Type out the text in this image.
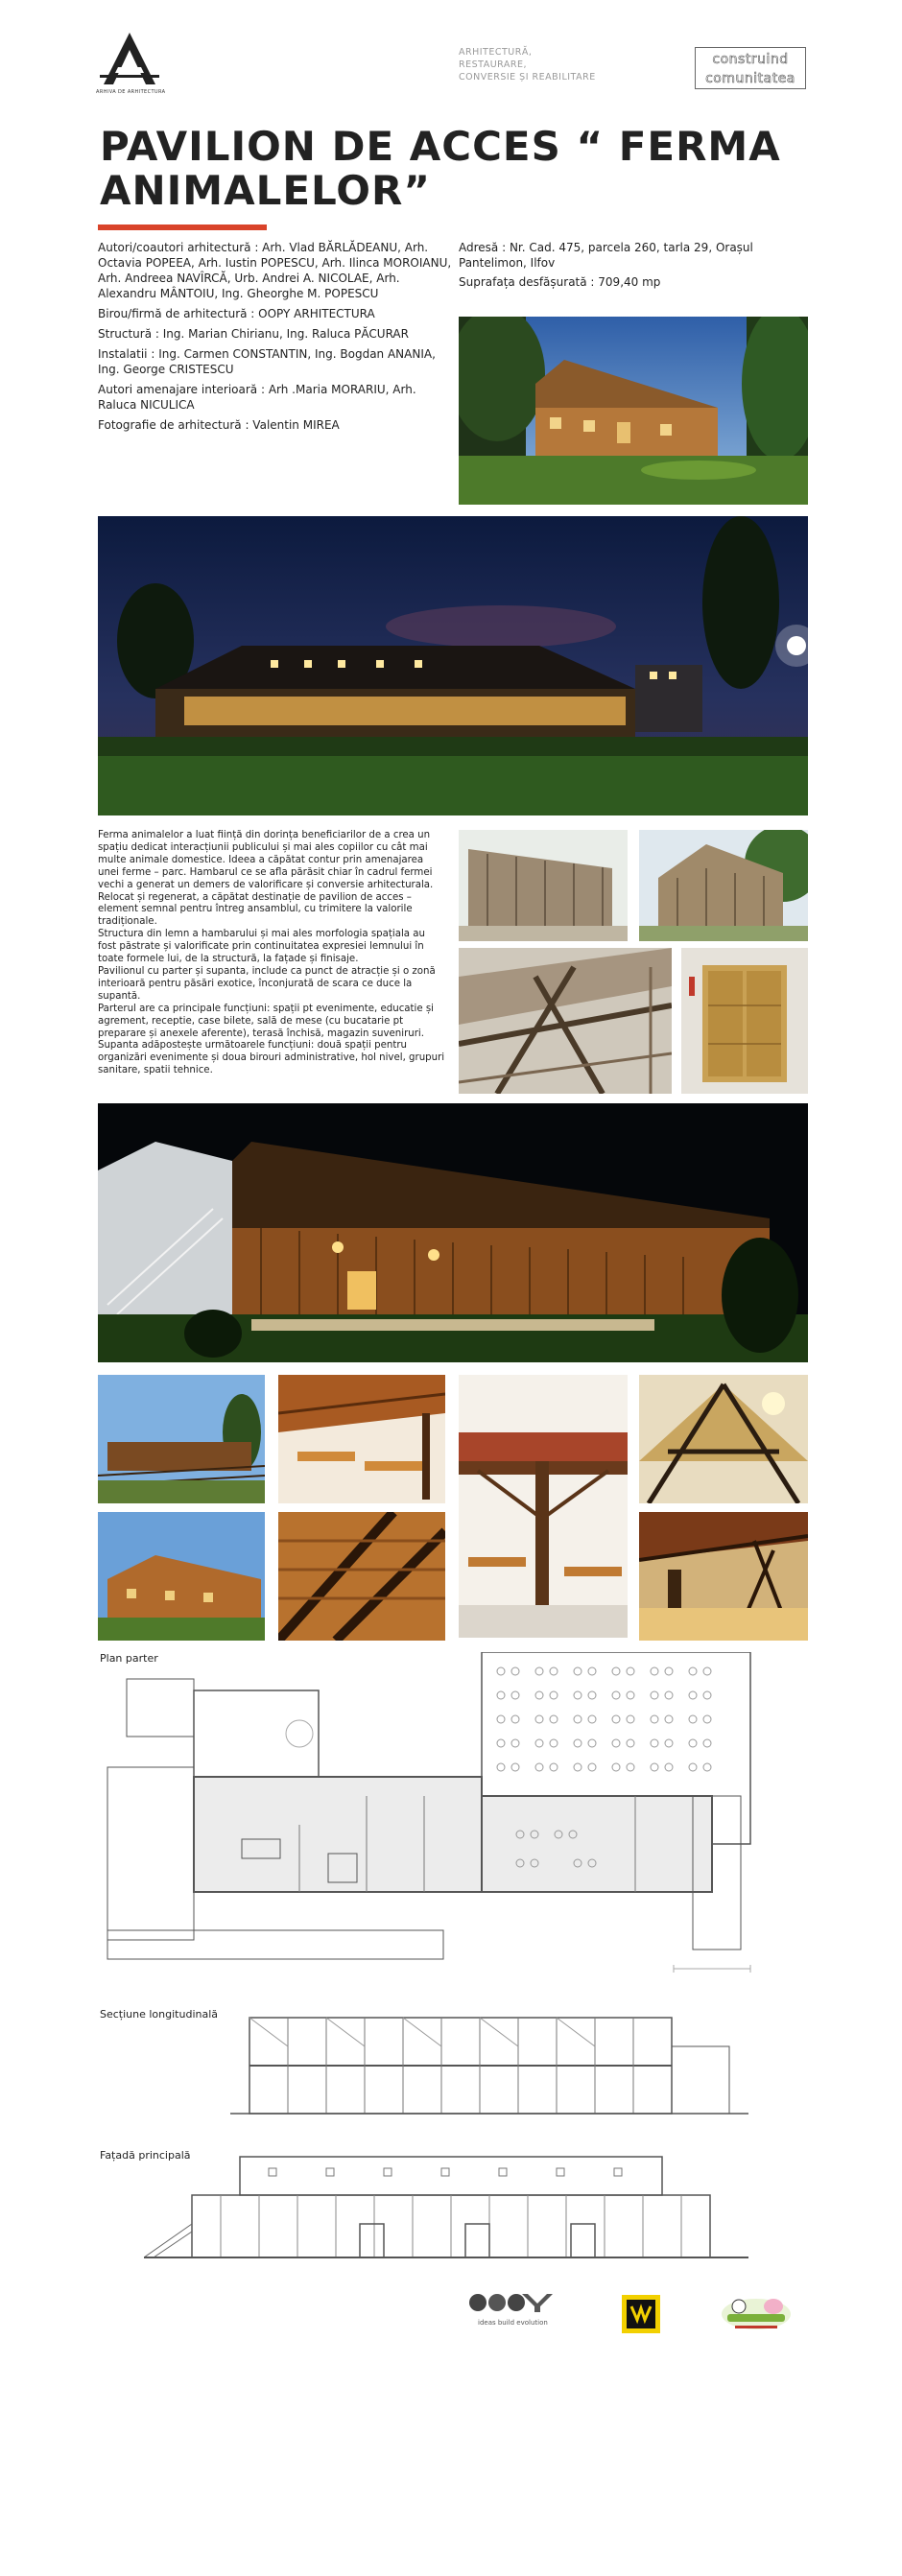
ARHIVA DE ARHITECTURA
ARHITECTURĂ, RESTAURARE,
CONVERSIE ȘI REABILITARE
construind
comunitatea
PAVILION DE ACCES “ FERMA
ANIMALELOR”

Autori/coautori arhitectură : Arh. Vlad BĂRLĂDEANU, Arh. Octavia POPEEA, Arh. Iustin POPESCU, Arh. Ilinca MOROIANU, Arh. Andreea NAVÎRCĂ, Urb. Andrei A. NICOLAE, Arh. Alexandru MÂNTOIU, Ing. Gheorghe M. POPESCU

Birou/firmă de arhitectură : OOPY ARHITECTURA

Structură : Ing. Marian Chirianu, Ing. Raluca PĂCURAR

Instalatii : Ing. Carmen CONSTANTIN, Ing. Bogdan ANANIA, Ing. George CRISTESCU

Autori amenajare interioară : Arh .Maria MORARIU, Arh. Raluca NICULICA

Fotografie de arhitectură : Valentin MIREA

Adresă : Nr. Cad. 475, parcela 260, tarla 29, Orașul Pantelimon, Ilfov

Suprafața desfășurată : 709,40 mp

Ferma animalelor a luat ființă din dorința beneficiarilor de a crea un spațiu dedicat interacțiunii publicului și mai ales copiilor cu cât mai multe animale domestice. Ideea a căpătat contur prin amenajarea unei ferme – parc. Hambarul ce se afla părăsit chiar în cadrul fermei vechi a generat un demers de valorificare și conversie arhitecturala. Relocat și regenerat, a căpătat destinație de pavilion de acces – element semnal pentru întreg ansamblul, cu trimitere la valorile tradiționale.
Structura din lemn a hambarului și mai ales morfologia spațiala au fost păstrate și valorificate prin continuitatea expresiei lemnului în toate formele lui, de la structură, la fațade și finisaje.
Pavilionul cu parter și supanta, include ca punct de atracție și o zonă interioară pentru păsări exotice, înconjurată de scara ce duce la supantă.
Parterul are ca principale funcțiuni: spații pt evenimente, educatie și agrement, receptie, case bilete, sală de mese (cu bucatarie pt preparare și anexele aferente), terasă închisă, magazin suveniruri. Supanta adăpostește următoarele funcțiuni: două spații pentru organizări evenimente și doua birouri administrative, hol nivel, grupuri sanitare, spatii tehnice.
Plan parter
Secțiune longitudinală
Fațadă principală
ideas build evolution
